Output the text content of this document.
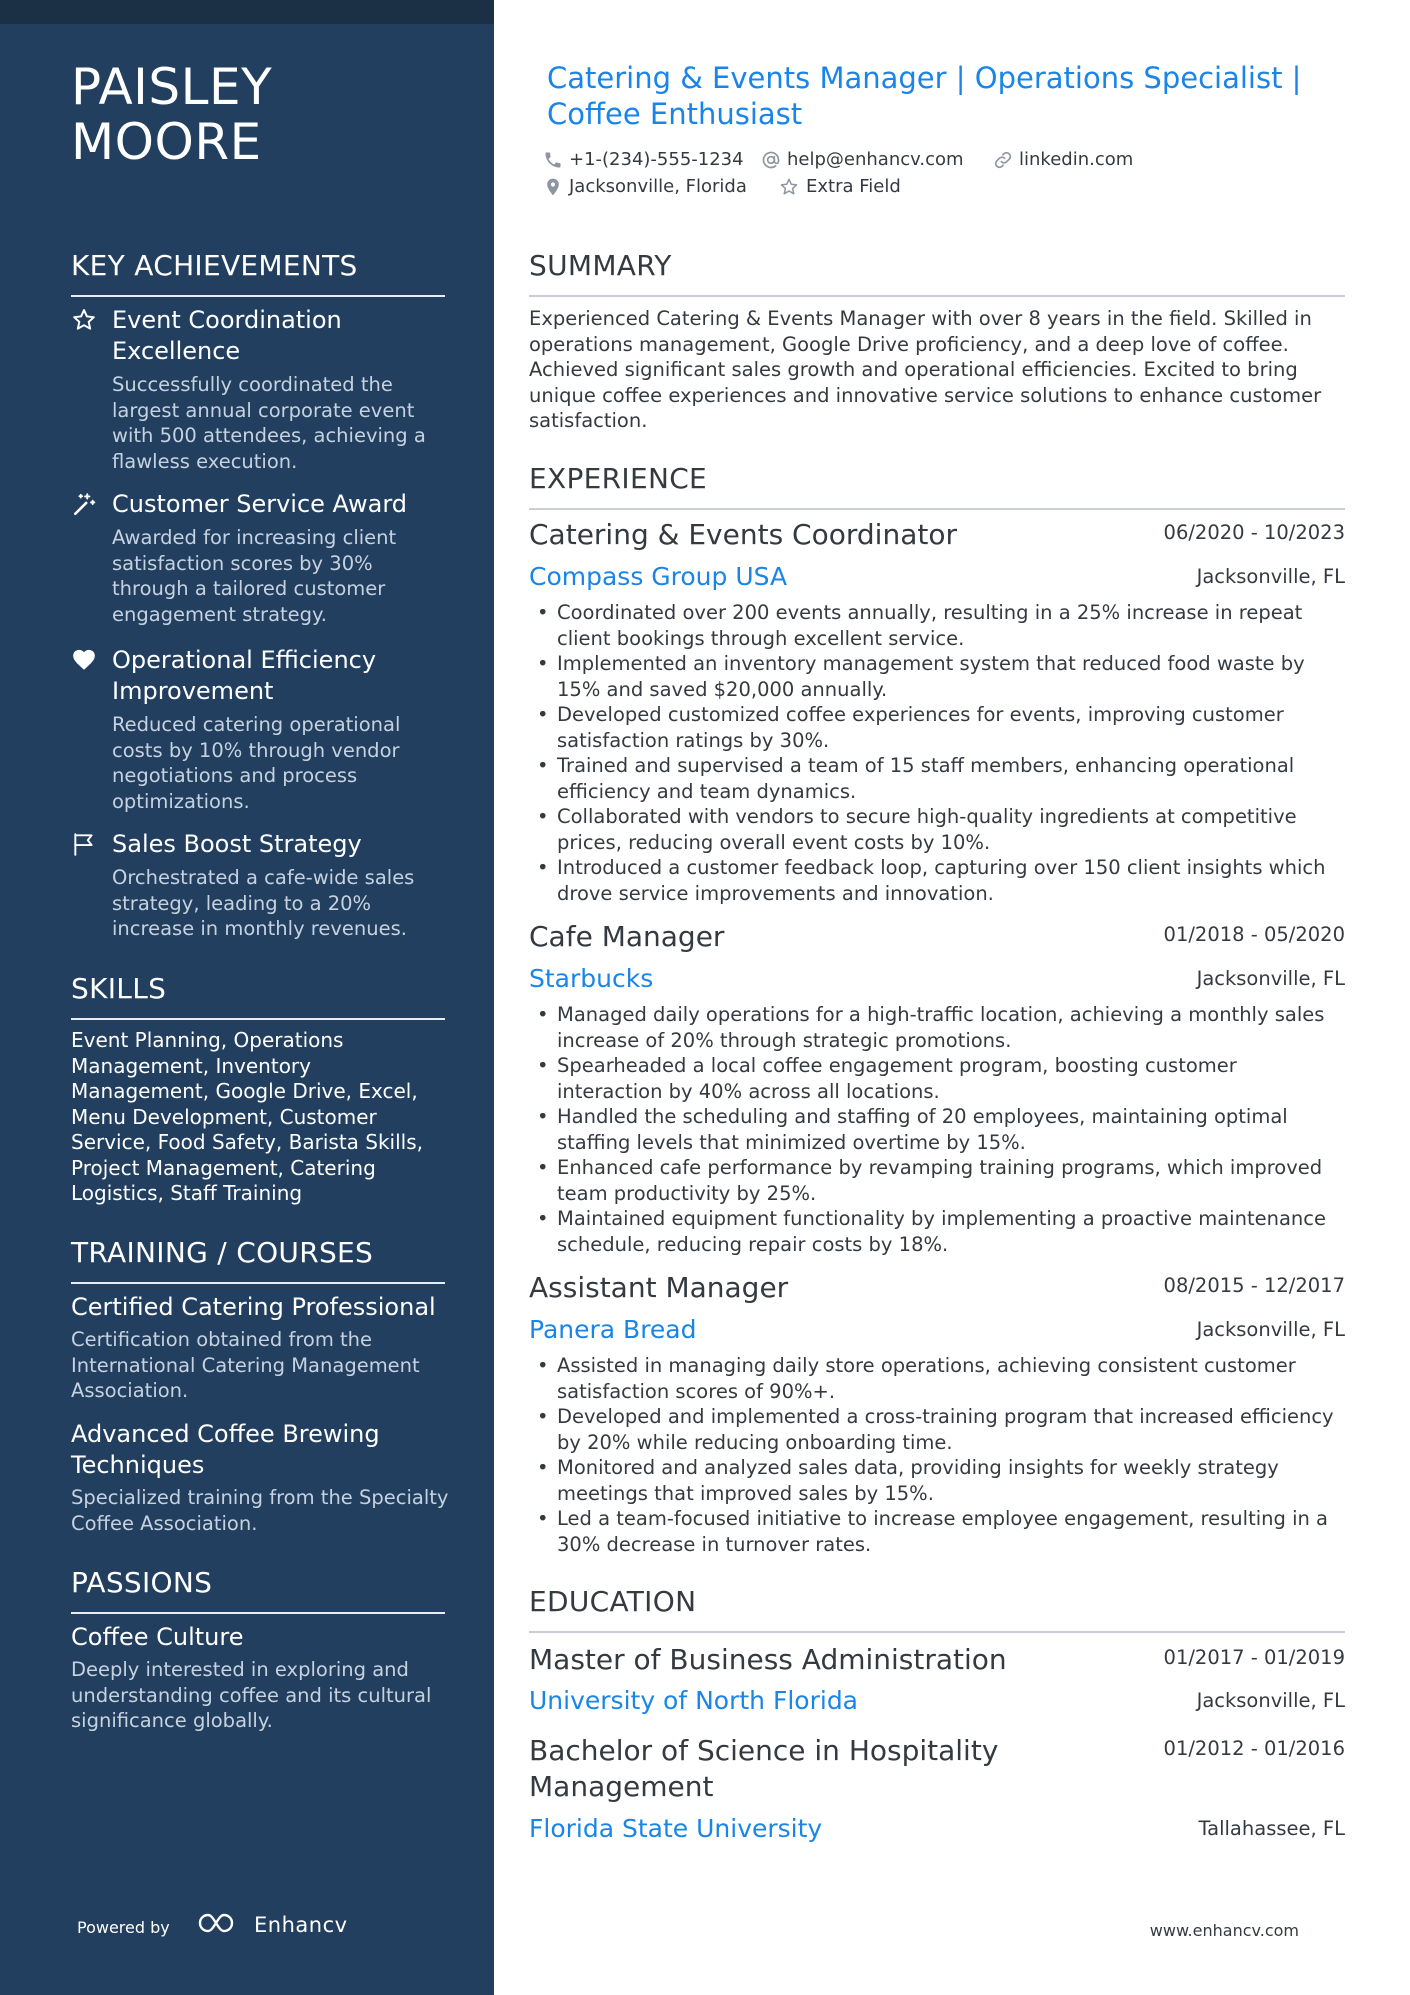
PAISLEY
MOORE
KEY ACHIEVEMENTS
Event Coordination Excellence
Successfully coordinated the largest annual corporate event with 500 attendees, achieving a flawless execution.
Customer Service Award
Awarded for increasing client satisfaction scores by 30% through a tailored customer engagement strategy.
Operational Efficiency Improvement
Reduced catering operational costs by 10% through vendor negotiations and process optimizations.
Sales Boost Strategy
Orchestrated a cafe-wide sales strategy, leading to a 20% increase in monthly revenues.
SKILLS
Event Planning, Operations Management, Inventory Management, Google Drive, Excel, Menu Development, Customer Service, Food Safety, Barista Skills, Project Management, Catering Logistics, Staff Training
TRAINING / COURSES
Certified Catering Professional
Certification obtained from the International Catering Management Association.
Advanced Coffee Brewing Techniques
Specialized training from the Specialty Coffee Association.
PASSIONS
Coffee Culture
Deeply interested in exploring and understanding coffee and its cultural significance globally.
Powered by	Enhancv
Catering & Events Manager | Operations Specialist | Coffee Enthusiast
+1-(234)-555-1234 help@enhancv.com	linkedin.com
Jacksonville, Florida	Extra Field
SUMMARY
Experienced Catering & Events Manager with over 8 years in the field. Skilled in operations management, Google Drive proficiency, and a deep love of coffee. Achieved significant sales growth and operational efficiencies. Excited to bring unique coffee experiences and innovative service solutions to enhance customer satisfaction.
EXPERIENCE
Catering & Events Coordinator	06/2020 - 10/2023
Compass Group USA	Jacksonville, FL
• Coordinated over 200 events annually, resulting in a 25% increase in repeat client bookings through excellent service.
• Implemented an inventory management system that reduced food waste by 15% and saved $20,000 annually.
• Developed customized coffee experiences for events, improving customer satisfaction ratings by 30%.
• Trained and supervised a team of 15 staff members, enhancing operational efficiency and team dynamics.
• Collaborated with vendors to secure high-quality ingredients at competitive prices, reducing overall event costs by 10%.
• Introduced a customer feedback loop, capturing over 150 client insights which drove service improvements and innovation.
Cafe Manager	01/2018 - 05/2020
Starbucks	Jacksonville, FL
• Managed daily operations for a high-traffic location, achieving a monthly sales increase of 20% through strategic promotions.
• Spearheaded a local coffee engagement program, boosting customer interaction by 40% across all locations.
• Handled the scheduling and staffing of 20 employees, maintaining optimal staffing levels that minimized overtime by 15%.
• Enhanced cafe performance by revamping training programs, which improved team productivity by 25%.
• Maintained equipment functionality by implementing a proactive maintenance schedule, reducing repair costs by 18%.
Assistant Manager	08/2015 - 12/2017
Panera Bread	Jacksonville, FL
• Assisted in managing daily store operations, achieving consistent customer satisfaction scores of 90%+.
• Developed and implemented a cross-training program that increased efficiency by 20% while reducing onboarding time.
• Monitored and analyzed sales data, providing insights for weekly strategy meetings that improved sales by 15%.
• Led a team-focused initiative to increase employee engagement, resulting in a 30% decrease in turnover rates.
EDUCATION
Master of Business Administration	01/2017 - 01/2019
University of North Florida	Jacksonville, FL
Bachelor of Science in Hospitality Management
01/2012 - 01/2016
Florida State University	Tallahassee, FL
www.enhancv.com
